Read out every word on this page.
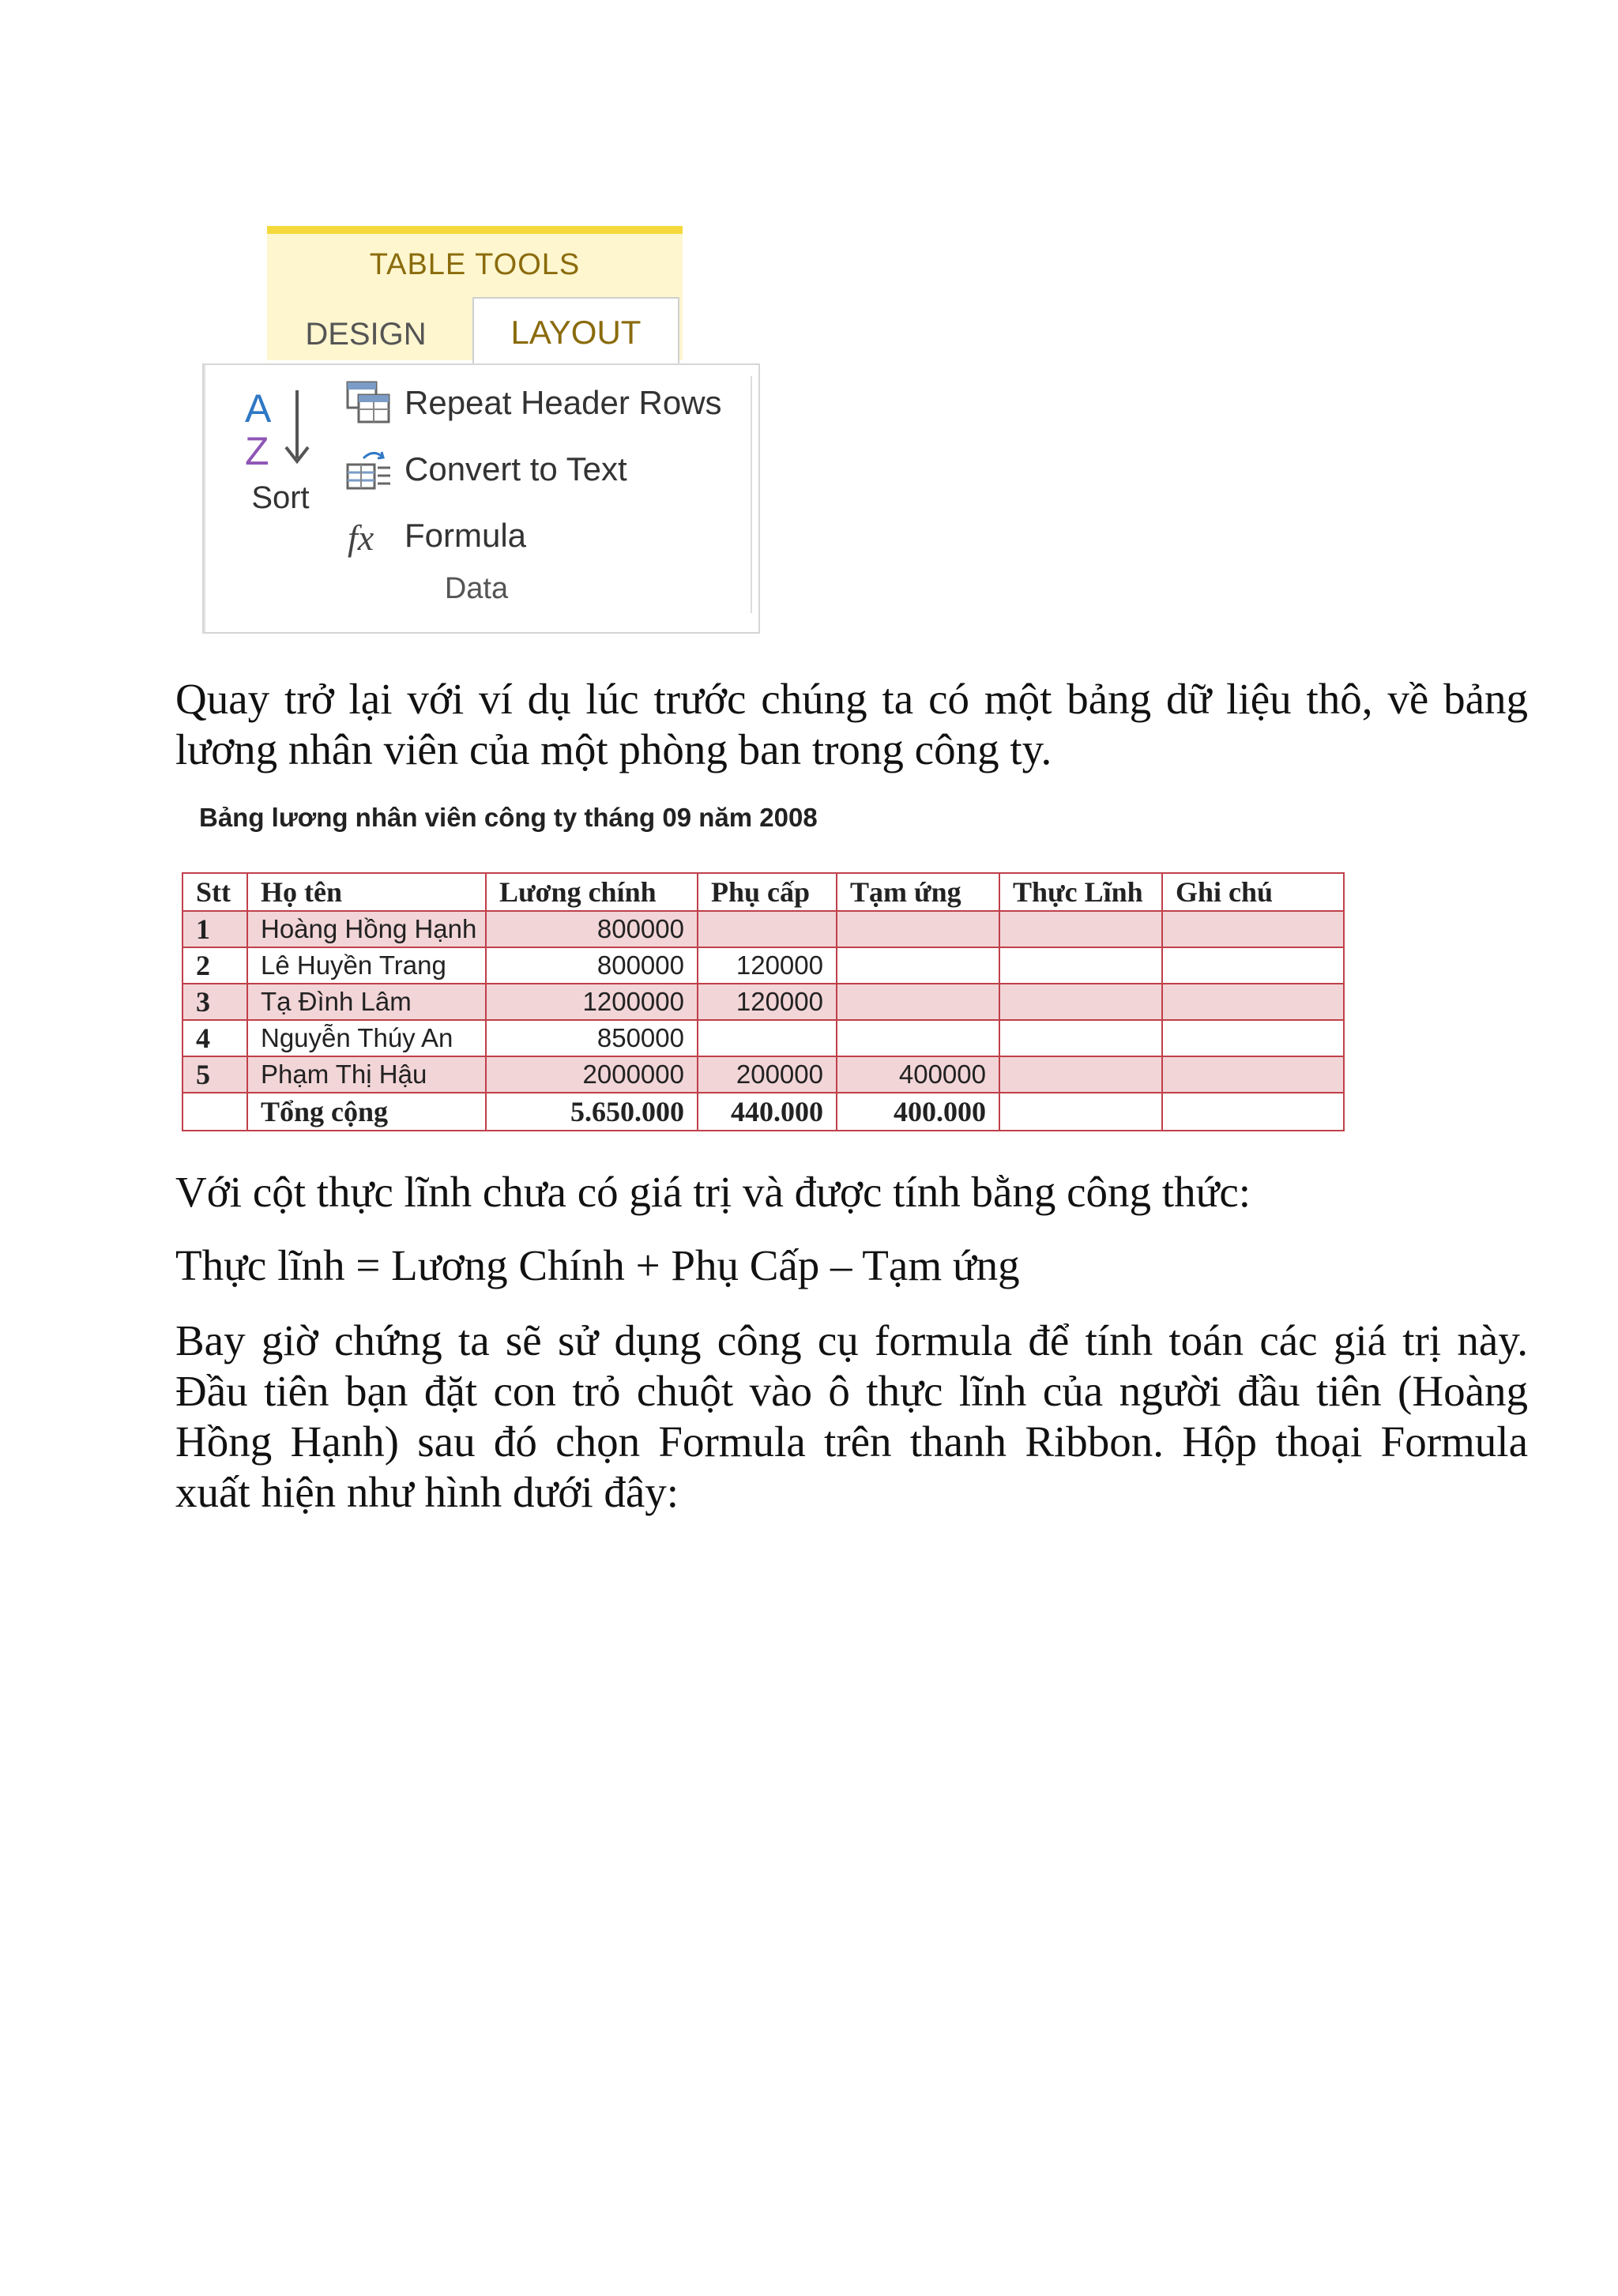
TABLE TOOLS
DESIGN	LAYOUT
A
Z
Sort
Repeat Header Rows
Convert to Text
fx Formula
Data

Quay trở lại với ví dụ lúc trước chúng ta có một bảng dữ liệu thô, về bảng lương nhân viên của một phòng ban trong công ty.

Bảng lương nhân viên công ty tháng 09 năm 2008
Stt	Họ tên	Lương chính	Phụ cấp	Tạm ứng	Thực Lĩnh	Ghi chú
1	Hoàng Hồng Hạnh	800000				
2	Lê Huyền Trang	800000	120000			
3	Tạ Đình Lâm	1200000	120000			
4	Nguyễn Thúy An	850000				
5	Phạm Thị Hậu	2000000	200000	400000		
	Tổng cộng	5.650.000	440.000	400.000		

Với cột thực lĩnh chưa có giá trị và được tính bằng công thức:

Thực lĩnh = Lương Chính + Phụ Cấp – Tạm ứng

Bay giờ chứng ta sẽ sử dụng công cụ formula để tính toán các giá trị này. Đầu tiên bạn đặt con trỏ chuột vào ô thực lĩnh của người đầu tiên (Hoàng Hồng Hạnh) sau đó chọn Formula trên thanh Ribbon. Hộp thoại Formula xuất hiện như hình dưới đây:
